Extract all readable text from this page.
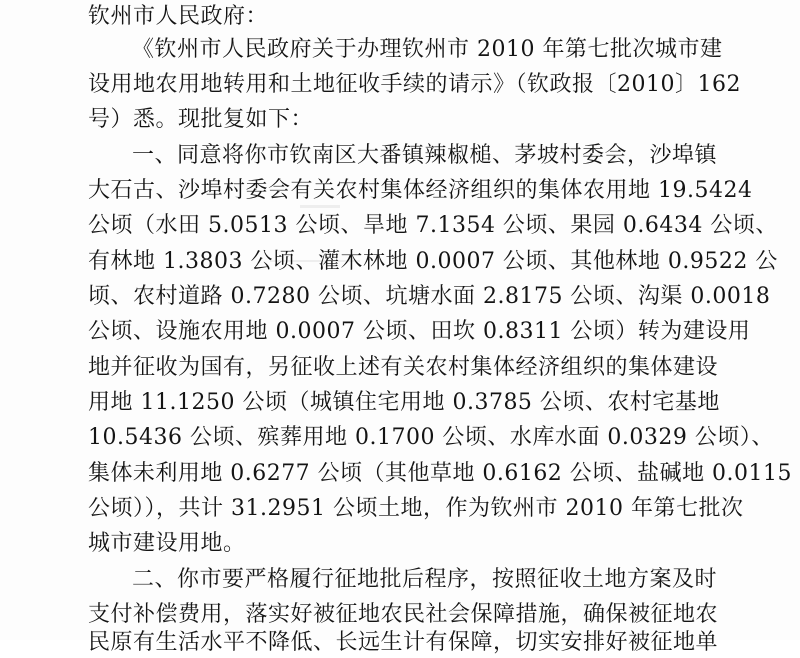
钦州市人民政府：
《钦州市人民政府关于办理钦州市 2010 年第七批次城市建
设用地农用地转用和土地征收手续的请示》（钦政报〔2010〕162
号）悉。现批复如下：
一、同意将你市钦南区大番镇辣椒槌、茅坡村委会，沙埠镇
大石古、沙埠村委会有关农村集体经济组织的集体农用地 19.5424
公顷（水田 5.0513 公顷、旱地 7.1354 公顷、果园 0.6434 公顷、
有林地 1.3803 公顷、灌木林地 0.0007 公顷、其他林地 0.9522 公
顷、农村道路 0.7280 公顷、坑塘水面 2.8175 公顷、沟渠 0.0018
公顷、设施农用地 0.0007 公顷、田坎 0.8311 公顷）转为建设用
地并征收为国有，另征收上述有关农村集体经济组织的集体建设
用地 11.1250 公顷（城镇住宅用地 0.3785 公顷、农村宅基地
10.5436 公顷、殡葬用地 0.1700 公顷、水库水面 0.0329 公顷）、
集体未利用地 0.6277 公顷（其他草地 0.6162 公顷、盐碱地 0.0115
公顷）），共计 31.2951 公顷土地，作为钦州市 2010 年第七批次
城市建设用地。
二、你市要严格履行征地批后程序，按照征收土地方案及时
支付补偿费用，落实好被征地农民社会保障措施，确保被征地农
民原有生活水平不降低、长远生计有保障，切实安排好被征地单
